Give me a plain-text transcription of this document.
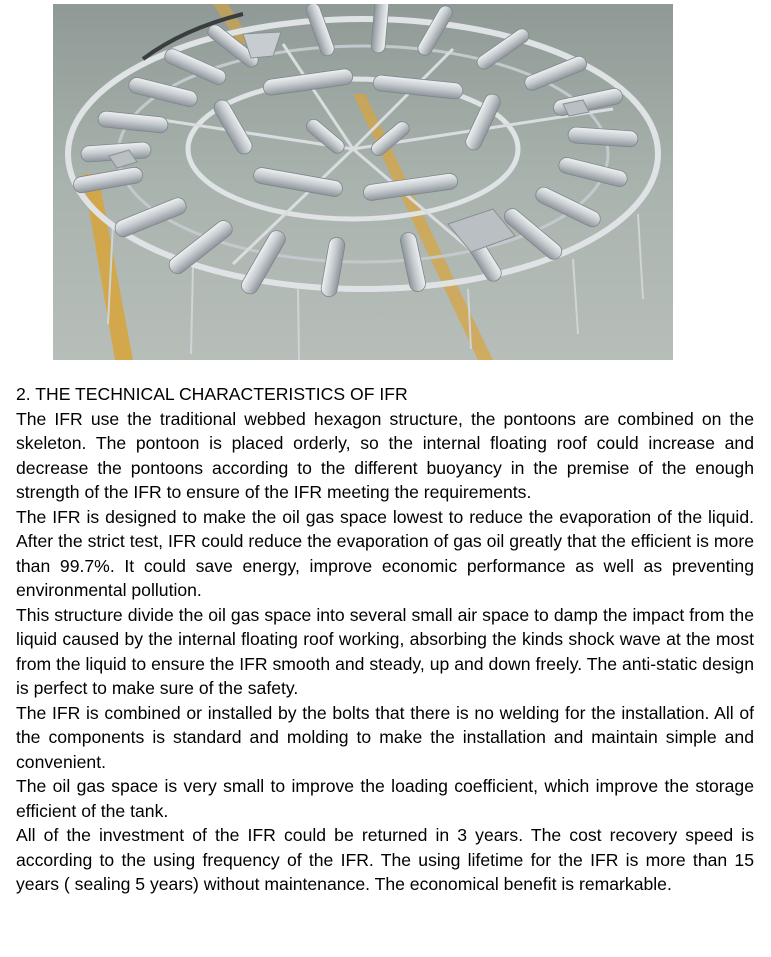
2. THE TECHNICAL CHARACTERISTICS OF IFR

The IFR use the traditional webbed hexagon structure, the pontoons are combined on the skeleton. The pontoon is placed orderly, so the internal floating roof could increase and decrease the pontoons according to the different buoyancy in the premise of the enough strength of the IFR to ensure of the IFR meeting the requirements.

The IFR is designed to make the oil gas space lowest to reduce the evaporation of the liquid. After the strict test, IFR could reduce the evaporation of gas oil greatly that the efficient is more than 99.7%. It could save energy, improve economic performance as well as preventing environmental pollution.

This structure divide the oil gas space into several small air space to damp the impact from the liquid caused by the internal floating roof working, absorbing the kinds shock wave at the most from the liquid to ensure the IFR smooth and steady, up and down freely. The anti-static design is perfect to make sure of the safety.

The IFR is combined or installed by the bolts that there is no welding for the installation. All of the components is standard and molding to make the installation and maintain simple and convenient.

The oil gas space is very small to improve the loading coefficient, which improve the storage efficient of the tank.

All of the investment of the IFR could be returned in 3 years. The cost recovery speed is according to the using frequency of the IFR. The using lifetime for the IFR is more than 15 years ( sealing 5 years) without maintenance. The economical benefit is remarkable.
